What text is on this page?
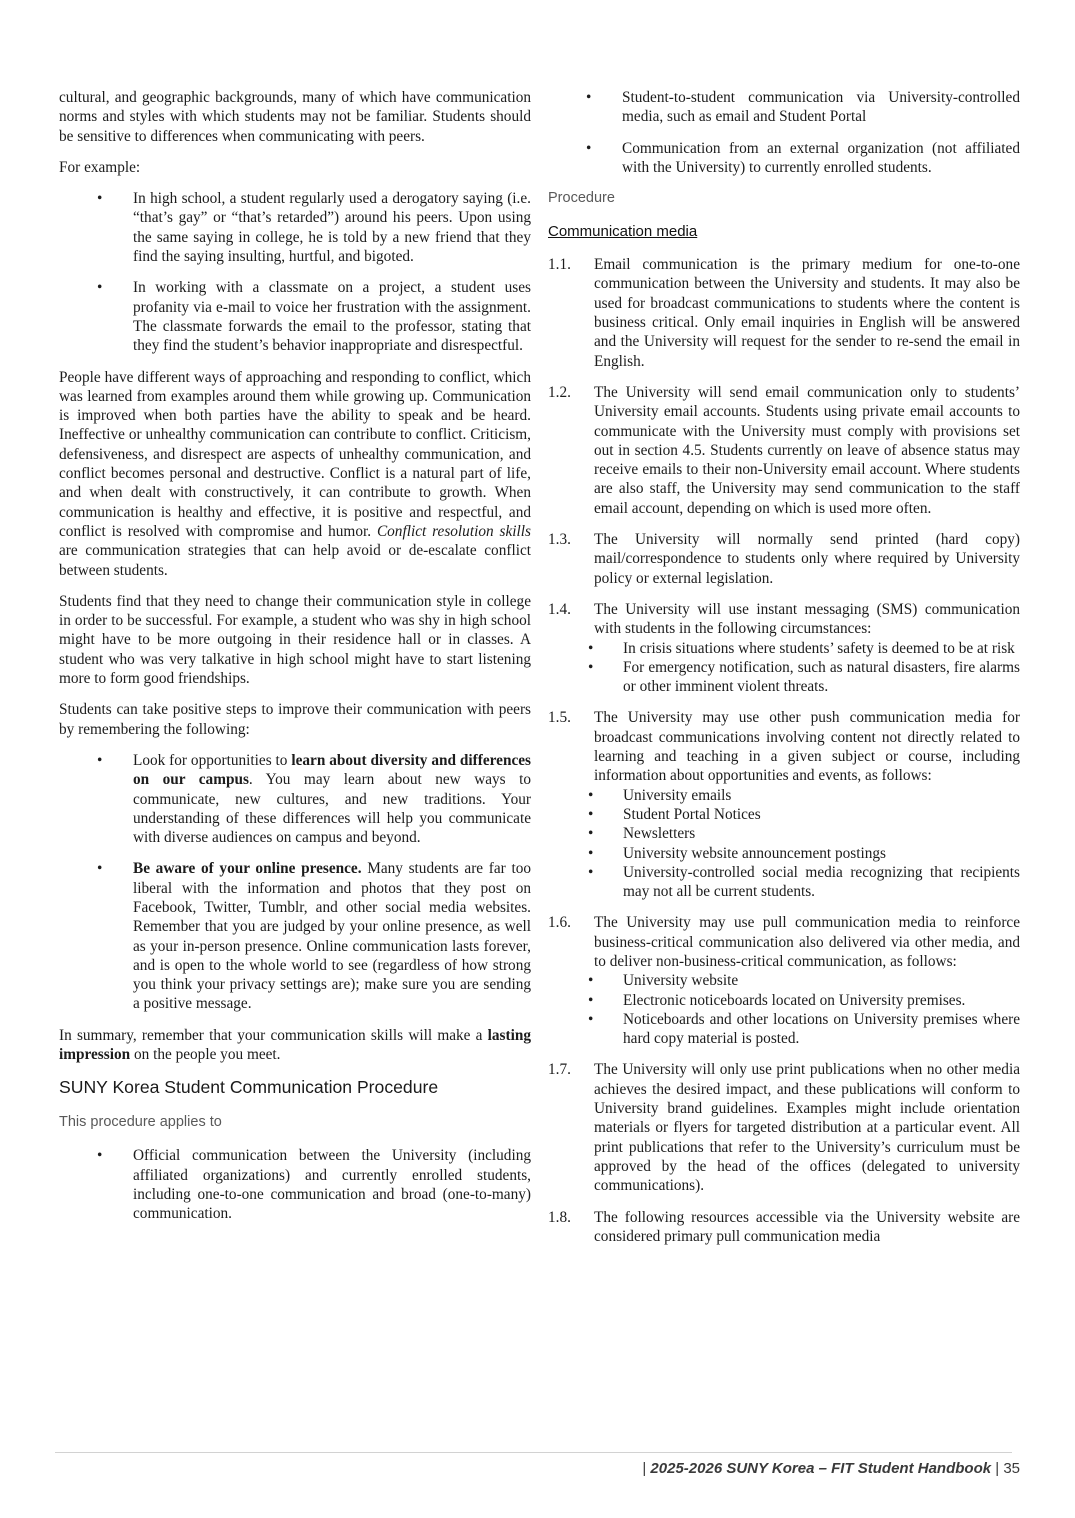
cultural, and geographic backgrounds, many of which have communication norms and styles with which students may not be familiar. Students should be sensitive to differences when communicating with peers.

For example:

• In high school, a student regularly used a derogatory saying (i.e. “that’s gay” or “that’s retarded”) around his peers. Upon using the same saying in college, he is told by a new friend that they find the saying insulting, hurtful, and bigoted.
• In working with a classmate on a project, a student uses profanity via e-mail to voice her frustration with the assignment. The classmate forwards the email to the professor, stating that they find the student’s behavior inappropriate and disrespectful.

People have different ways of approaching and responding to conflict, which was learned from examples around them while growing up. Communication is improved when both parties have the ability to speak and be heard. Ineffective or unhealthy communication can contribute to conflict. Criticism, defensiveness, and disrespect are aspects of unhealthy communication, and conflict becomes personal and destructive. Conflict is a natural part of life, and when dealt with constructively, it can contribute to growth. When communication is healthy and effective, it is positive and respectful, and conflict is resolved with compromise and humor. Conflict resolution skills are communication strategies that can help avoid or de-escalate conflict between students.

Students find that they need to change their communication style in college in order to be successful. For example, a student who was shy in high school might have to be more outgoing in their residence hall or in classes. A student who was very talkative in high school might have to start listening more to form good friendships.

Students can take positive steps to improve their communication with peers by remembering the following:

• Look for opportunities to learn about diversity and differences on our campus. You may learn about new ways to communicate, new cultures, and new traditions. Your understanding of these differences will help you communicate with diverse audiences on campus and beyond.
• Be aware of your online presence. Many students are far too liberal with the information and photos that they post on Facebook, Twitter, Tumblr, and other social media websites. Remember that you are judged by your online presence, as well as your in-person presence. Online communication lasts forever, and is open to the whole world to see (regardless of how strong you think your privacy settings are); make sure you are sending a positive message.

In summary, remember that your communication skills will make a lasting impression on the people you meet.

SUNY Korea Student Communication Procedure

This procedure applies to

• Official communication between the University (including affiliated organizations) and currently enrolled students, including one-to-one communication and broad (one-to-many) communication.
• Student-to-student communication via University-controlled media, such as email and Student Portal
• Communication from an external organization (not affiliated with the University) to currently enrolled students.

Procedure

Communication media

1.1. Email communication is the primary medium for one-to-one communication between the University and students. It may also be used for broadcast communications to students where the content is business critical. Only email inquiries in English will be answered and the University will request for the sender to re-send the email in English.
1.2. The University will send email communication only to students’ University email accounts. Students using private email accounts to communicate with the University must comply with provisions set out in section 4.5. Students currently on leave of absence status may receive emails to their non-University email account. Where students are also staff, the University may send communication to the staff email account, depending on which is used more often.
1.3. The University will normally send printed (hard copy) mail/correspondence to students only where required by University policy or external legislation.
1.4. The University will use instant messaging (SMS) communication with students in the following circumstances:
• In crisis situations where students’ safety is deemed to be at risk
• For emergency notification, such as natural disasters, fire alarms or other imminent violent threats.
1.5. The University may use other push communication media for broadcast communications involving content not directly related to learning and teaching in a given subject or course, including information about opportunities and events, as follows:
• University emails
• Student Portal Notices
• Newsletters
• University website announcement postings
• University-controlled social media recognizing that recipients may not all be current students.
1.6. The University may use pull communication media to reinforce business-critical communication also delivered via other media, and to deliver non-business-critical communication, as follows:
• University website
• Electronic noticeboards located on University premises.
• Noticeboards and other locations on University premises where hard copy material is posted.
1.7. The University will only use print publications when no other media achieves the desired impact, and these publications will conform to University brand guidelines. Examples might include orientation materials or flyers for targeted distribution at a particular event. All print publications that refer to the University’s curriculum must be approved by the head of the offices (delegated to university communications).
1.8. The following resources accessible via the University website are considered primary pull communication media
| 2025-2026 SUNY Korea – FIT Student Handbook | 35
